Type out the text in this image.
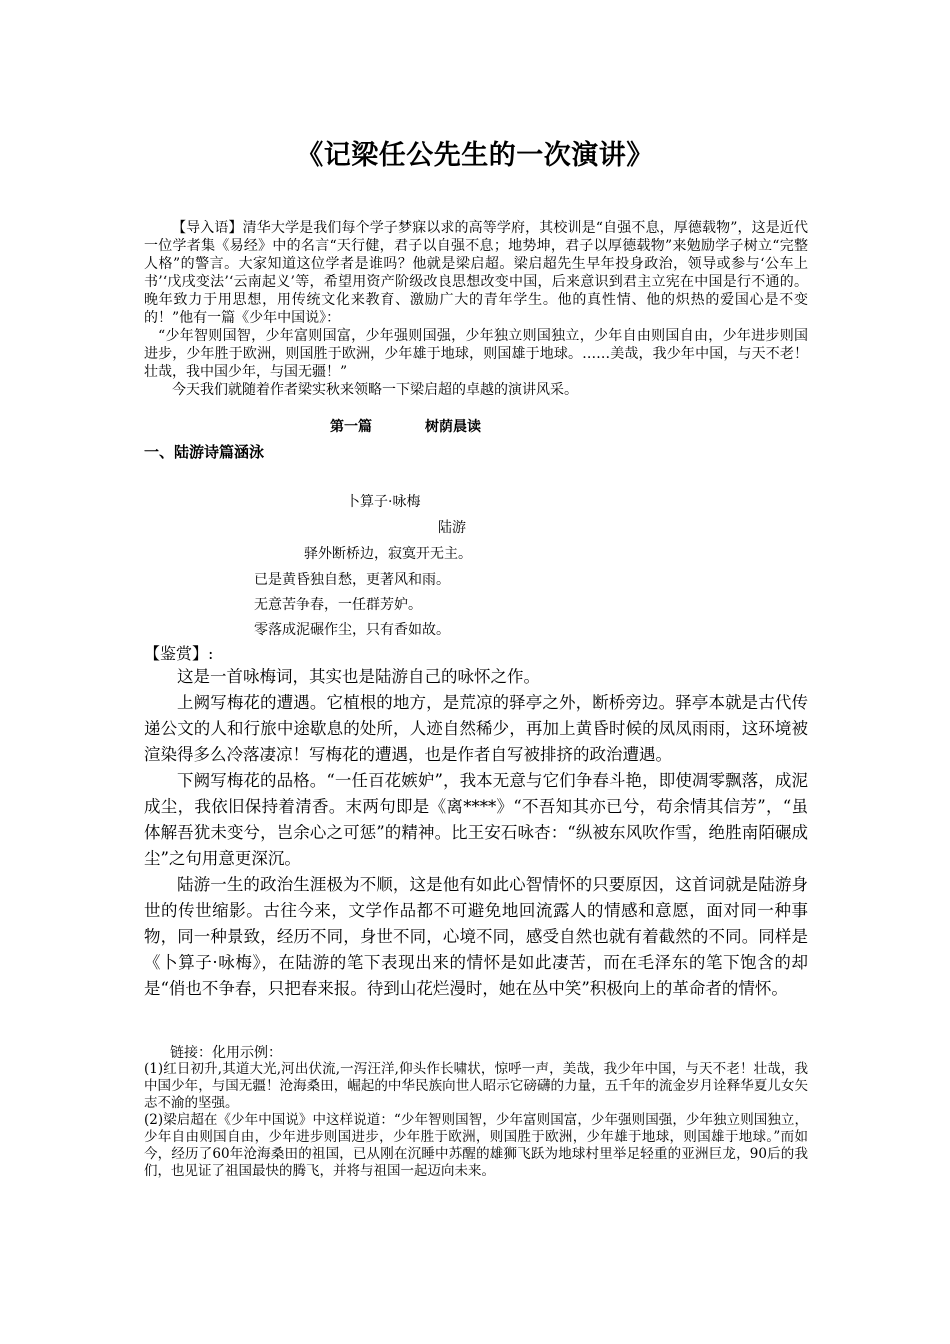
《记梁任公先生的一次演讲》

【导入语】清华大学是我们每个学子梦寐以求的高等学府，其校训是“自强不息，厚德载物”，这是近代一位学者集《易经》中的名言“天行健，君子以自强不息；地势坤，君子以厚德载物”来勉励学子树立“完整人格”的警言。大家知道这位学者是谁吗？他就是梁启超。梁启超先生早年投身政治，领导或参与‘公车上书’‘戊戌变法’‘云南起义’等，希望用资产阶级改良思想改变中国，后来意识到君主立宪在中国是行不通的。晚年致力于用思想，用传统文化来教育、激励广大的青年学生。他的真性情、他的炽热的爱国心是不变的！”他有一篇《少年中国说》：

“少年智则国智，少年富则国富，少年强则国强，少年独立则国独立，少年自由则国自由，少年进步则国进步，少年胜于欧洲，则国胜于欧洲，少年雄于地球，则国雄于地球。……美哉，我少年中国，与天不老！壮哉，我中国少年，与国无疆！”

今天我们就随着作者梁实秋来领略一下梁启超的卓越的演讲风采。

第一篇	树荫晨读
一、陆游诗篇涵泳
卜算子·咏梅
陆游
驿外断桥边，寂寞开无主。
已是黄昏独自愁，更著风和雨。
无意苦争春，一任群芳妒。
零落成泥碾作尘，只有香如故。
【鉴赏】:

这是一首咏梅词，其实也是陆游自己的咏怀之作。

上阙写梅花的遭遇。它植根的地方，是荒凉的驿亭之外，断桥旁边。驿亭本就是古代传递公文的人和行旅中途歇息的处所，人迹自然稀少，再加上黄昏时候的凤凤雨雨，这环境被渲染得多么冷落凄凉！写梅花的遭遇，也是作者自写被排挤的政治遭遇。

下阙写梅花的品格。“一任百花嫉妒”，我本无意与它们争春斗艳，即使凋零飘落，成泥成尘，我依旧保持着清香。末两句即是《离****》“不吾知其亦已兮，苟余情其信芳”，“虽体解吾犹未变兮，岂余心之可惩”的精神。比王安石咏杏：“纵被东风吹作雪，绝胜南陌碾成尘”之句用意更深沉。

陆游一生的政治生涯极为不顺，这是他有如此心智情怀的只要原因，这首词就是陆游身世的传世缩影。古往今来，文学作品都不可避免地回流露人的情感和意愿，面对同一种事物，同一种景致，经历不同，身世不同，心境不同，感受自然也就有着截然的不同。同样是《卜算子·咏梅》，在陆游的笔下表现出来的情怀是如此凄苦，而在毛泽东的笔下饱含的却是“俏也不争春，只把春来报。待到山花烂漫时，她在丛中笑”积极向上的革命者的情怀。

链接：化用示例：

(1)红日初升,其道大光,河出伏流,一泻汪洋,仰头作长啸状，惊呼一声，美哉，我少年中国，与天不老！壮哉，我中国少年，与国无疆！沧海桑田，崛起的中华民族向世人昭示它磅礴的力量，五千年的流金岁月诠释华夏儿女矢志不渝的坚强。

(2)梁启超在《少年中国说》中这样说道：“少年智则国智，少年富则国富，少年强则国强，少年独立则国独立，少年自由则国自由，少年进步则国进步，少年胜于欧洲，则国胜于欧洲，少年雄于地球，则国雄于地球。”而如今，经历了60年沧海桑田的祖国，已从刚在沉睡中苏醒的雄狮飞跃为地球村里举足轻重的亚洲巨龙，90后的我们，也见证了祖国最快的腾飞，并将与祖国一起迈向未来。
